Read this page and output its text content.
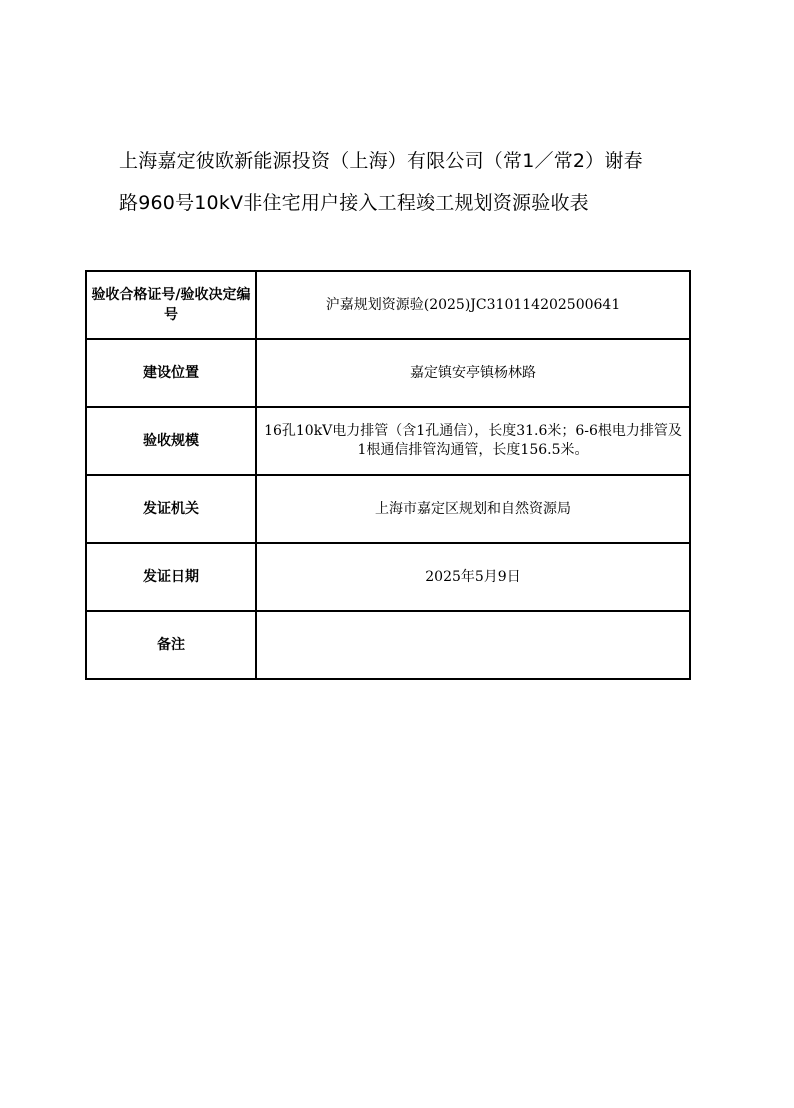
上海嘉定彼欧新能源投资（上海）有限公司（常1／常2）谢春
路960号10kV非住宅用户接入工程竣工规划资源验收表
验收合格证号/验收决定编号	沪嘉规划资源验(2025)JC310114202500641
建设位置	嘉定镇安亭镇杨林路
验收规模	16孔10kV电力排管（含1孔通信），长度31.6米；6-6根电力排管及1根通信排管沟通管，长度156.5米。
发证机关	上海市嘉定区规划和自然资源局
发证日期	2025年5月9日
备注	
